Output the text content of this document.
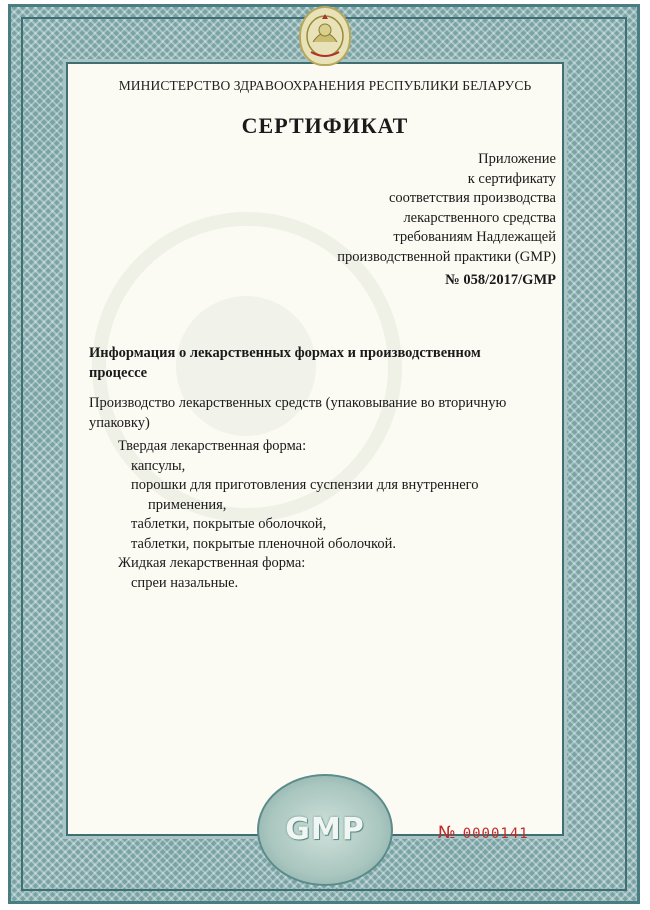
МИНИСТЕРСТВО ЗДРАВООХРАНЕНИЯ РЕСПУБЛИКИ БЕЛАРУСЬ
СЕРТИФИКАТ
Приложение
к сертификату
соответствия производства
лекарственного средства
требованиям Надлежащей
производственной практики (GMP)
№ 058/2017/GMP
Информация о лекарственных формах и производственном
процессе
Производство лекарственных средств (упаковывание во вторичную
упаковку)
Твердая лекарственная форма:
капсулы,
порошки для приготовления суспензии для внутреннего
применения,
таблетки, покрытые оболочкой,
таблетки, покрытые пленочной оболочкой.
Жидкая лекарственная форма:
спреи назальные.
GMP	№ 0000141
